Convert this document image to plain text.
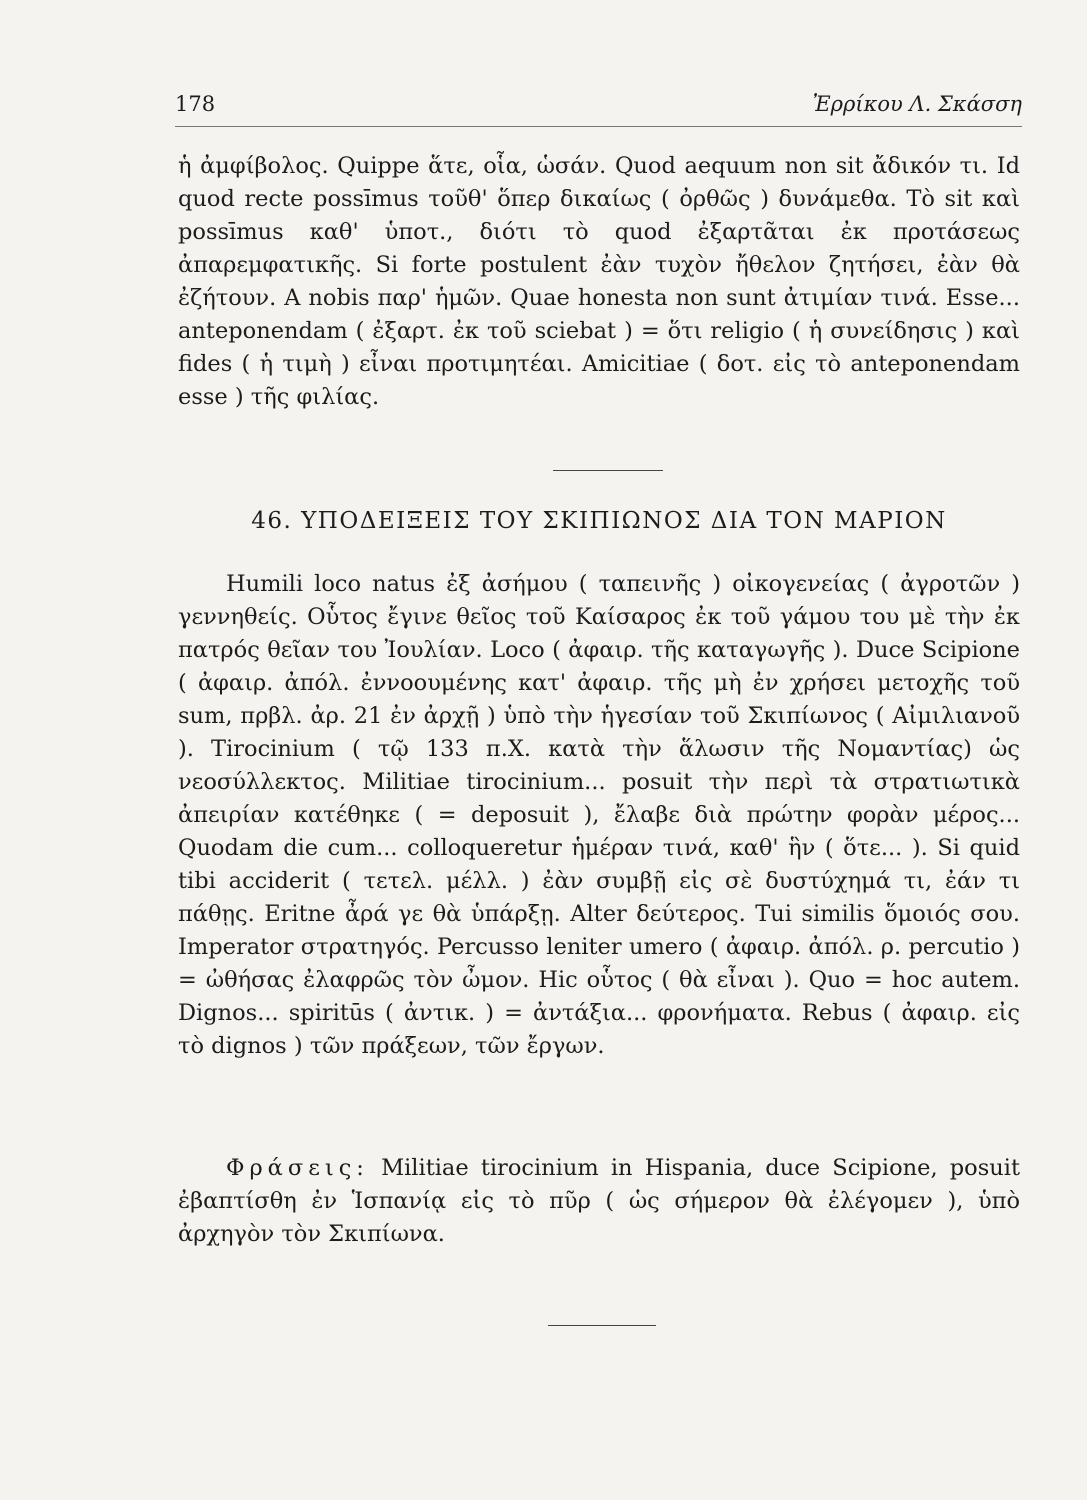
178	Ἐρρίκου Λ. Σκάσση

ἡ ἀμφίβολος. Quippe ἅτε, οἷα, ὡσάν. Quod aequum non sit ἄδικόν τι. Id quod recte possīmus τοῦθ' ὅπερ δικαίως ( ὀρθῶς ) δυνάμεθα. Τὸ sit καὶ possīmus καθ' ὑποτ., διότι τὸ quod ἐξαρτᾶται ἐκ προτάσεως ἀπαρεμφατικῆς. Si forte postulent ἐὰν τυχὸν ἤθελον ζητήσει, ἐὰν θὰ ἐζήτουν. A nobis παρ' ἡμῶν. Quae honesta non sunt ἀτιμίαν τινά. Esse... anteponendam ( ἐξαρτ. ἐκ τοῦ sciebat ) = ὅτι religio ( ἡ συνείδησις ) καὶ fides ( ἡ τιμὴ ) εἶναι προτιμητέαι. Amicitiae ( δοτ. εἰς τὸ anteponendam esse ) τῆς φιλίας.

46. ΥΠΟΔΕΙΞΕΙΣ ΤΟΥ ΣΚΙΠΙΩΝΟΣ ΔΙΑ ΤΟΝ ΜΑΡΙΟΝ

Humili loco natus ἐξ ἀσήμου ( ταπεινῆς ) οἰκογενείας ( ἀγροτῶν ) γεννηθείς. Οὗτος ἔγινε θεῖος τοῦ Καίσαρος ἐκ τοῦ γάμου του μὲ τὴν ἐκ πατρός θεῖαν του Ἰουλίαν. Loco ( ἀφαιρ. τῆς καταγωγῆς ). Duce Scipione ( ἀφαιρ. ἀπόλ. ἐννοουμένης κατ' ἀφαιρ. τῆς μὴ ἐν χρήσει μετοχῆς τοῦ sum, πρβλ. ἀρ. 21 ἐν ἀρχῇ ) ὑπὸ τὴν ἡγεσίαν τοῦ Σκιπίωνος ( Αἰμιλιανοῦ ). Tirocinium ( τῷ 133 π.Χ. κατὰ τὴν ἅλωσιν τῆς Νομαντίας) ὡς νεοσύλλεκτος. Militiae tirocinium... posuit τὴν περὶ τὰ στρατιωτικὰ ἀπειρίαν κατέθηκε ( = deposuit ), ἔλαβε διὰ πρώτην φορὰν μέρος... Quodam die cum... colloqueretur ἡμέραν τινά, καθ' ἣν ( ὅτε... ). Si quid tibi acciderit ( τετελ. μέλλ. ) ἐὰν συμβῇ εἰς σὲ δυστύχημά τι, ἐάν τι πάθῃς. Eritne ἆρά γε θὰ ὑπάρξῃ. Alter δεύτερος. Tui similis ὅμοιός σου. Imperator στρατηγός. Percusso leniter umero ( ἀφαιρ. ἀπόλ. ρ. percutio ) = ὠθήσας ἐλαφρῶς τὸν ὦμον. Hic οὗτος ( θὰ εἶναι ). Quo = hoc autem. Dignos... spiritūs ( ἀντικ. ) = ἀντάξια... φρονήματα. Rebus ( ἀφαιρ. εἰς τὸ dignos ) τῶν πράξεων, τῶν ἔργων.

Φράσεις: Militiae tirocinium in Hispania, duce Scipione, posuit ἐβαπτίσθη ἐν Ἱσπανίᾳ εἰς τὸ πῦρ ( ὡς σήμερον θὰ ἐλέγομεν ), ὑπὸ ἀρχηγὸν τὸν Σκιπίωνα.
